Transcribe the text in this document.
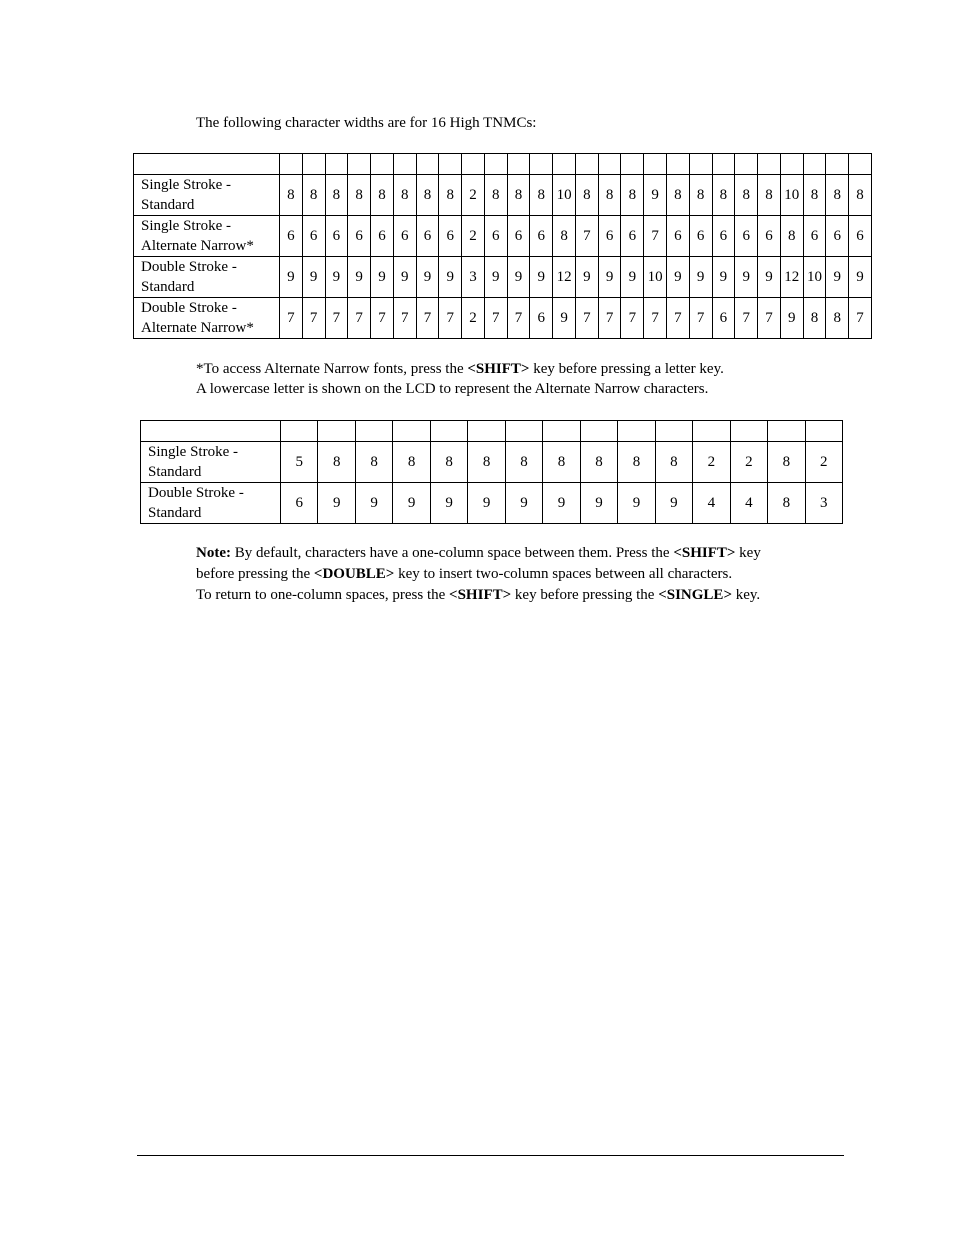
The following character widths are for 16 High TNMCs:

Single Stroke -
Standard	8	8	8	8	8	8	8	8	2	8	8	8	10	8	8	8	9	8	8	8	8	8	10	8	8	8

Single Stroke -
Alternate Narrow*	6	6	6	6	6	6	6	6	2	6	6	6	8	7	6	6	7	6	6	6	6	6	8	6	6	6

Double Stroke -
Standard	9	9	9	9	9	9	9	9	3	9	9	9	12	9	9	9	10	9	9	9	9	9	12	10	9	9

Double Stroke -
Alternate Narrow*	7	7	7	7	7	7	7	7	2	7	7	6	9	7	7	7	7	7	7	6	7	7	9	8	8	7
*To access Alternate Narrow fonts, press the <SHIFT> key before pressing a letter key.
A lowercase letter is shown on the LCD to represent the Alternate Narrow characters.

Single Stroke -
Standard	5	8	8	8	8	8	8	8	8	8	8	2	2	8	2

Double Stroke -
Standard	6	9	9	9	9	9	9	9	9	9	9	4	4	8	3
Note: By default, characters have a one-column space between them. Press the <SHIFT> key
before pressing the <DOUBLE> key to insert two-column spaces between all characters.
To return to one-column spaces, press the <SHIFT> key before pressing the <SINGLE> key.
